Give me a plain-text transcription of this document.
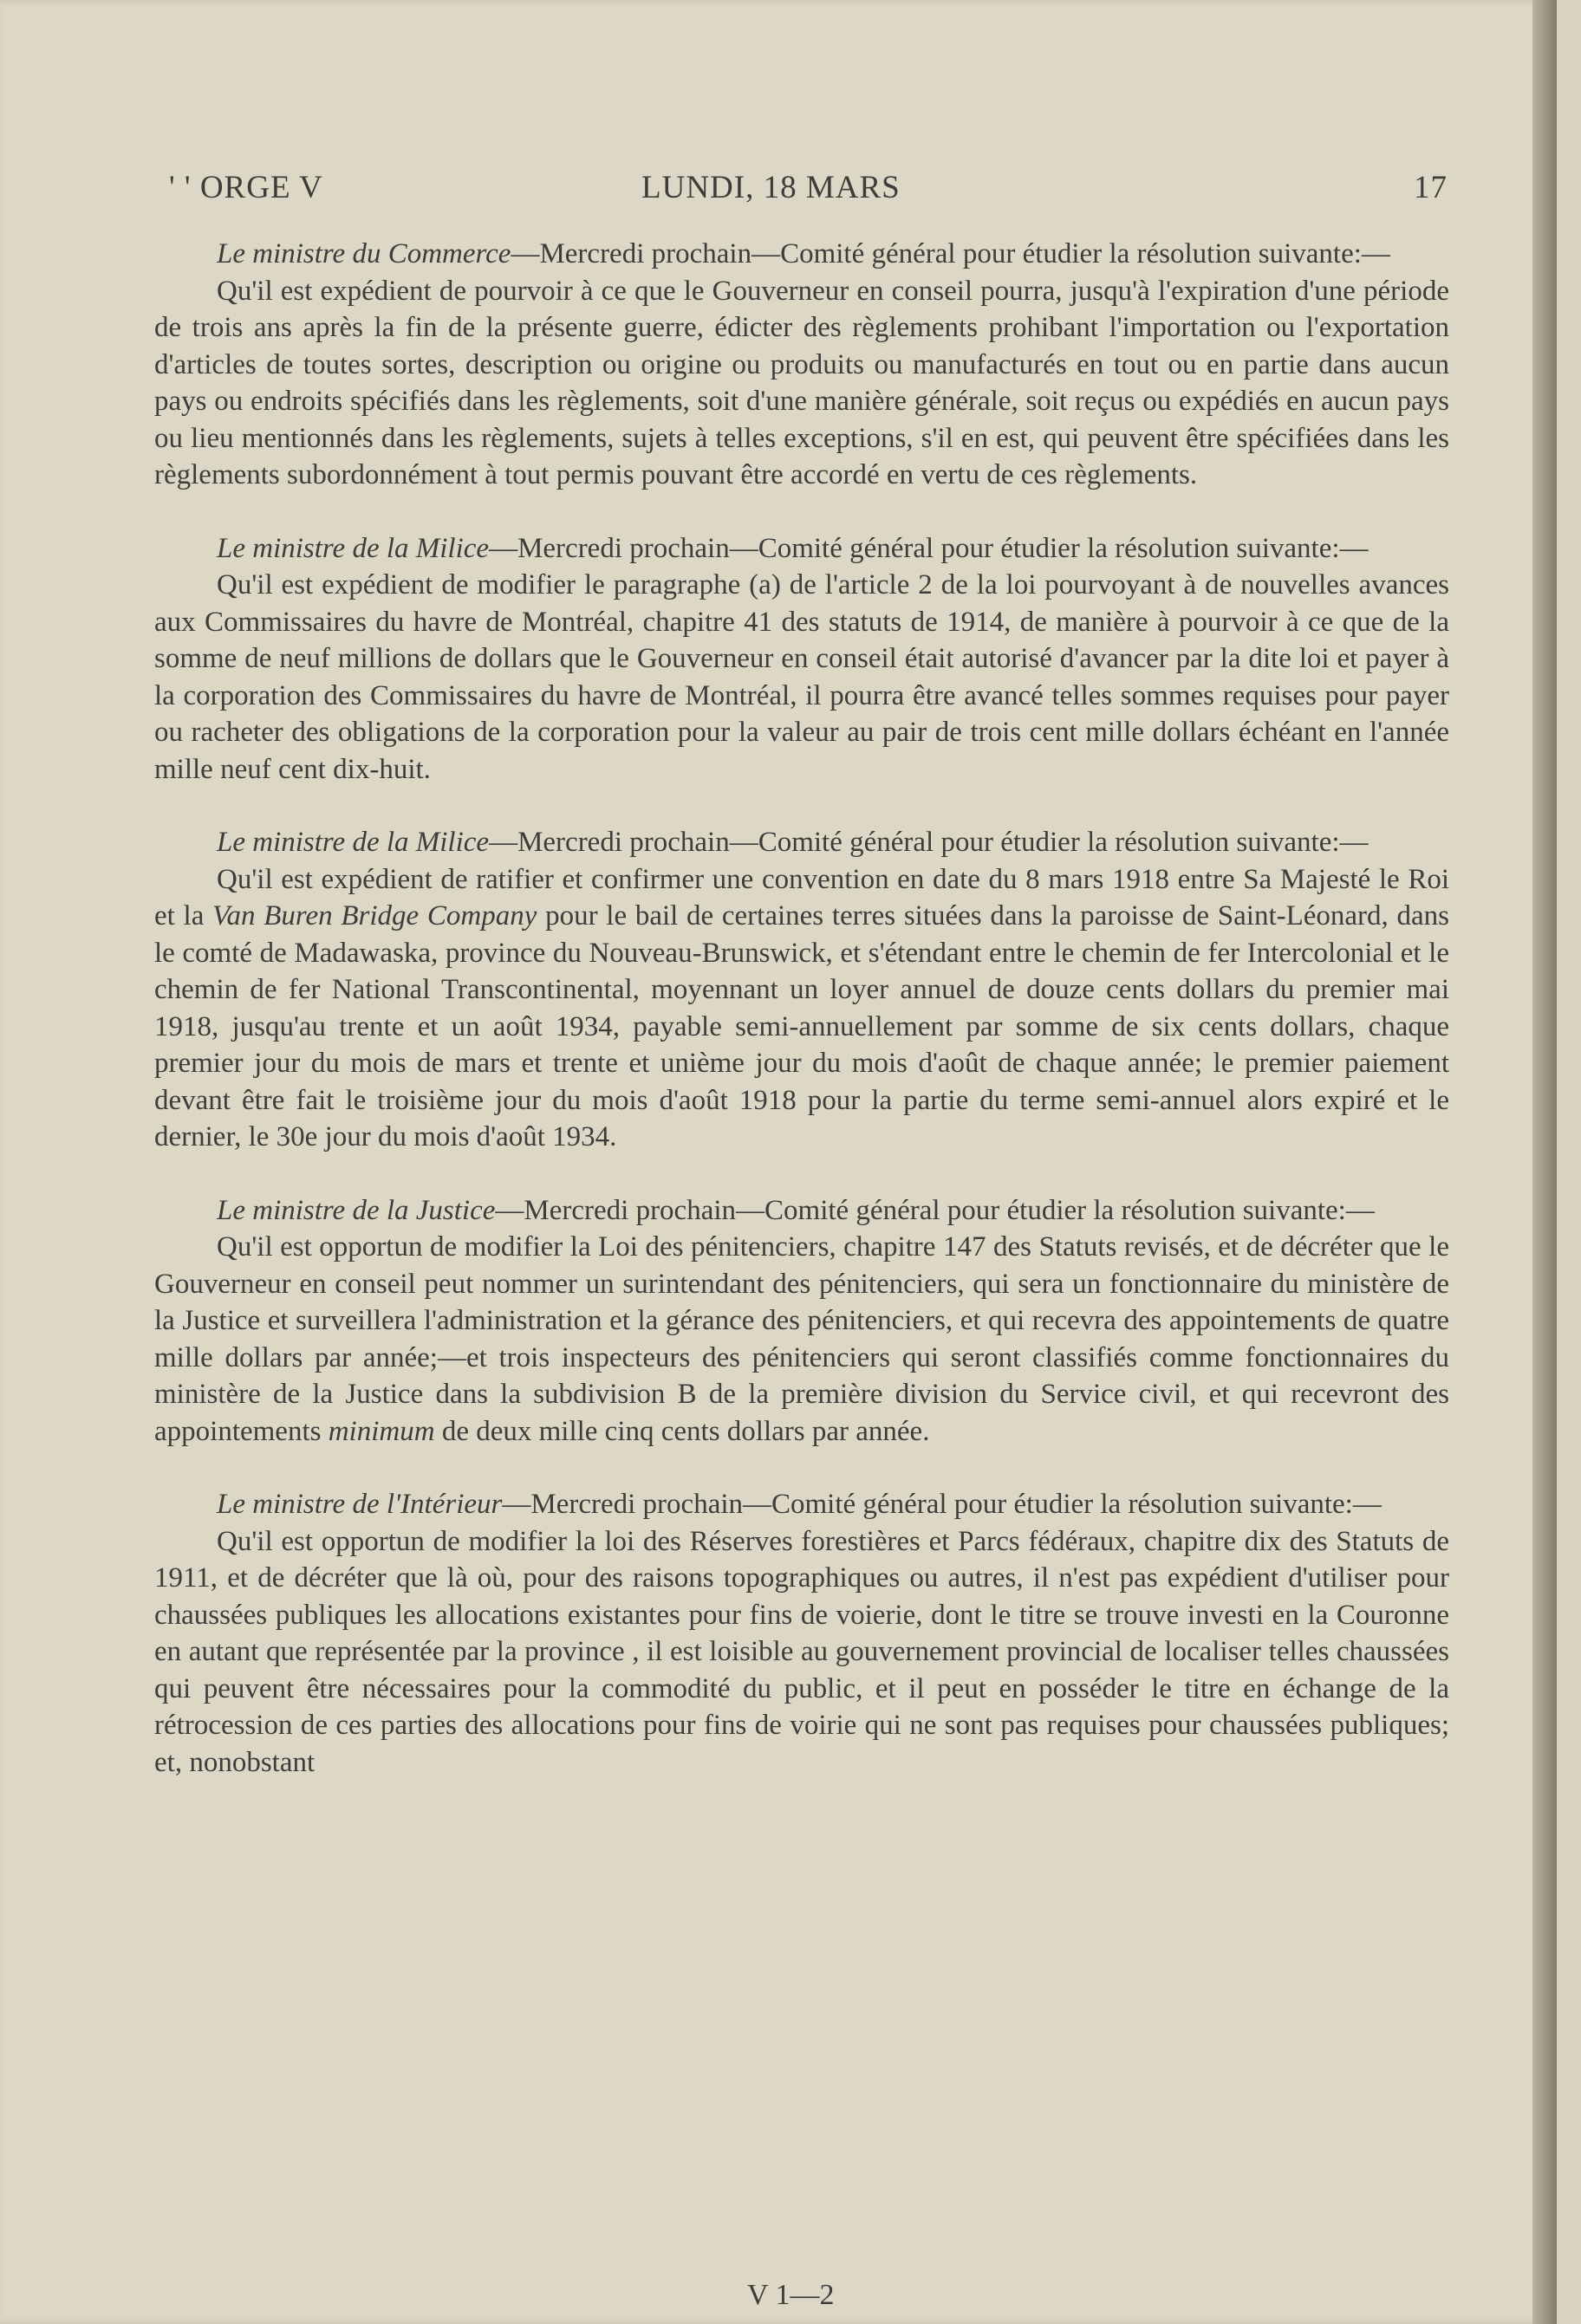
' ' ORGE V	LUNDI, 18 MARS	17

Le ministre du Commerce—Mercredi prochain—Comité général pour étudier la résolution suivante:—

Qu'il est expédient de pourvoir à ce que le Gouverneur en conseil pourra, jusqu'à l'expiration d'une période de trois ans après la fin de la présente guerre, édicter des règlements prohibant l'importation ou l'exportation d'articles de toutes sortes, description ou origine ou produits ou manufacturés en tout ou en partie dans aucun pays ou endroits spécifiés dans les règlements, soit d'une manière générale, soit reçus ou expédiés en aucun pays ou lieu mentionnés dans les règlements, sujets à telles exceptions, s'il en est, qui peuvent être spécifiées dans les règlements subordonnément à tout permis pouvant être accordé en vertu de ces règlements.

Le ministre de la Milice—Mercredi prochain—Comité général pour étudier la résolution suivante:—

Qu'il est expédient de modifier le paragraphe (a) de l'article 2 de la loi pourvoyant à de nouvelles avances aux Commissaires du havre de Montréal, chapitre 41 des statuts de 1914, de manière à pourvoir à ce que de la somme de neuf millions de dollars que le Gouverneur en conseil était autorisé d'avancer par la dite loi et payer à la corporation des Commissaires du havre de Montréal, il pourra être avancé telles sommes requises pour payer ou racheter des obligations de la corporation pour la valeur au pair de trois cent mille dollars échéant en l'année mille neuf cent dix-huit.

Le ministre de la Milice—Mercredi prochain—Comité général pour étudier la résolution suivante:—

Qu'il est expédient de ratifier et confirmer une convention en date du 8 mars 1918 entre Sa Majesté le Roi et la Van Buren Bridge Company pour le bail de certaines terres situées dans la paroisse de Saint-Léonard, dans le comté de Madawaska, province du Nouveau-Brunswick, et s'étendant entre le chemin de fer Intercolonial et le chemin de fer National Transcontinental, moyennant un loyer annuel de douze cents dollars du premier mai 1918, jusqu'au trente et un août 1934, payable semi-annuellement par somme de six cents dollars, chaque premier jour du mois de mars et trente et unième jour du mois d'août de chaque année; le premier paiement devant être fait le troisième jour du mois d'août 1918 pour la partie du terme semi-annuel alors expiré et le dernier, le 30e jour du mois d'août 1934.

Le ministre de la Justice—Mercredi prochain—Comité général pour étudier la résolution suivante:—

Qu'il est opportun de modifier la Loi des pénitenciers, chapitre 147 des Statuts revisés, et de décréter que le Gouverneur en conseil peut nommer un surintendant des pénitenciers, qui sera un fonctionnaire du ministère de la Justice et surveillera l'administration et la gérance des pénitenciers, et qui recevra des appointements de quatre mille dollars par année;—et trois inspecteurs des pénitenciers qui seront classifiés comme fonctionnaires du ministère de la Justice dans la subdivision B de la première division du Service civil, et qui recevront des appointements minimum de deux mille cinq cents dollars par année.

Le ministre de l'Intérieur—Mercredi prochain—Comité général pour étudier la résolution suivante:—

Qu'il est opportun de modifier la loi des Réserves forestières et Parcs fédéraux, chapitre dix des Statuts de 1911, et de décréter que là où, pour des raisons topographiques ou autres, il n'est pas expédient d'utiliser pour chaussées publiques les allocations existantes pour fins de voierie, dont le titre se trouve investi en la Couronne en autant que représentée par la province , il est loisible au gouvernement provincial de localiser telles chaussées qui peuvent être nécessaires pour la commodité du public, et il peut en posséder le titre en échange de la rétrocession de ces parties des allocations pour fins de voirie qui ne sont pas requises pour chaussées publiques; et, nonobstant

V 1—2
